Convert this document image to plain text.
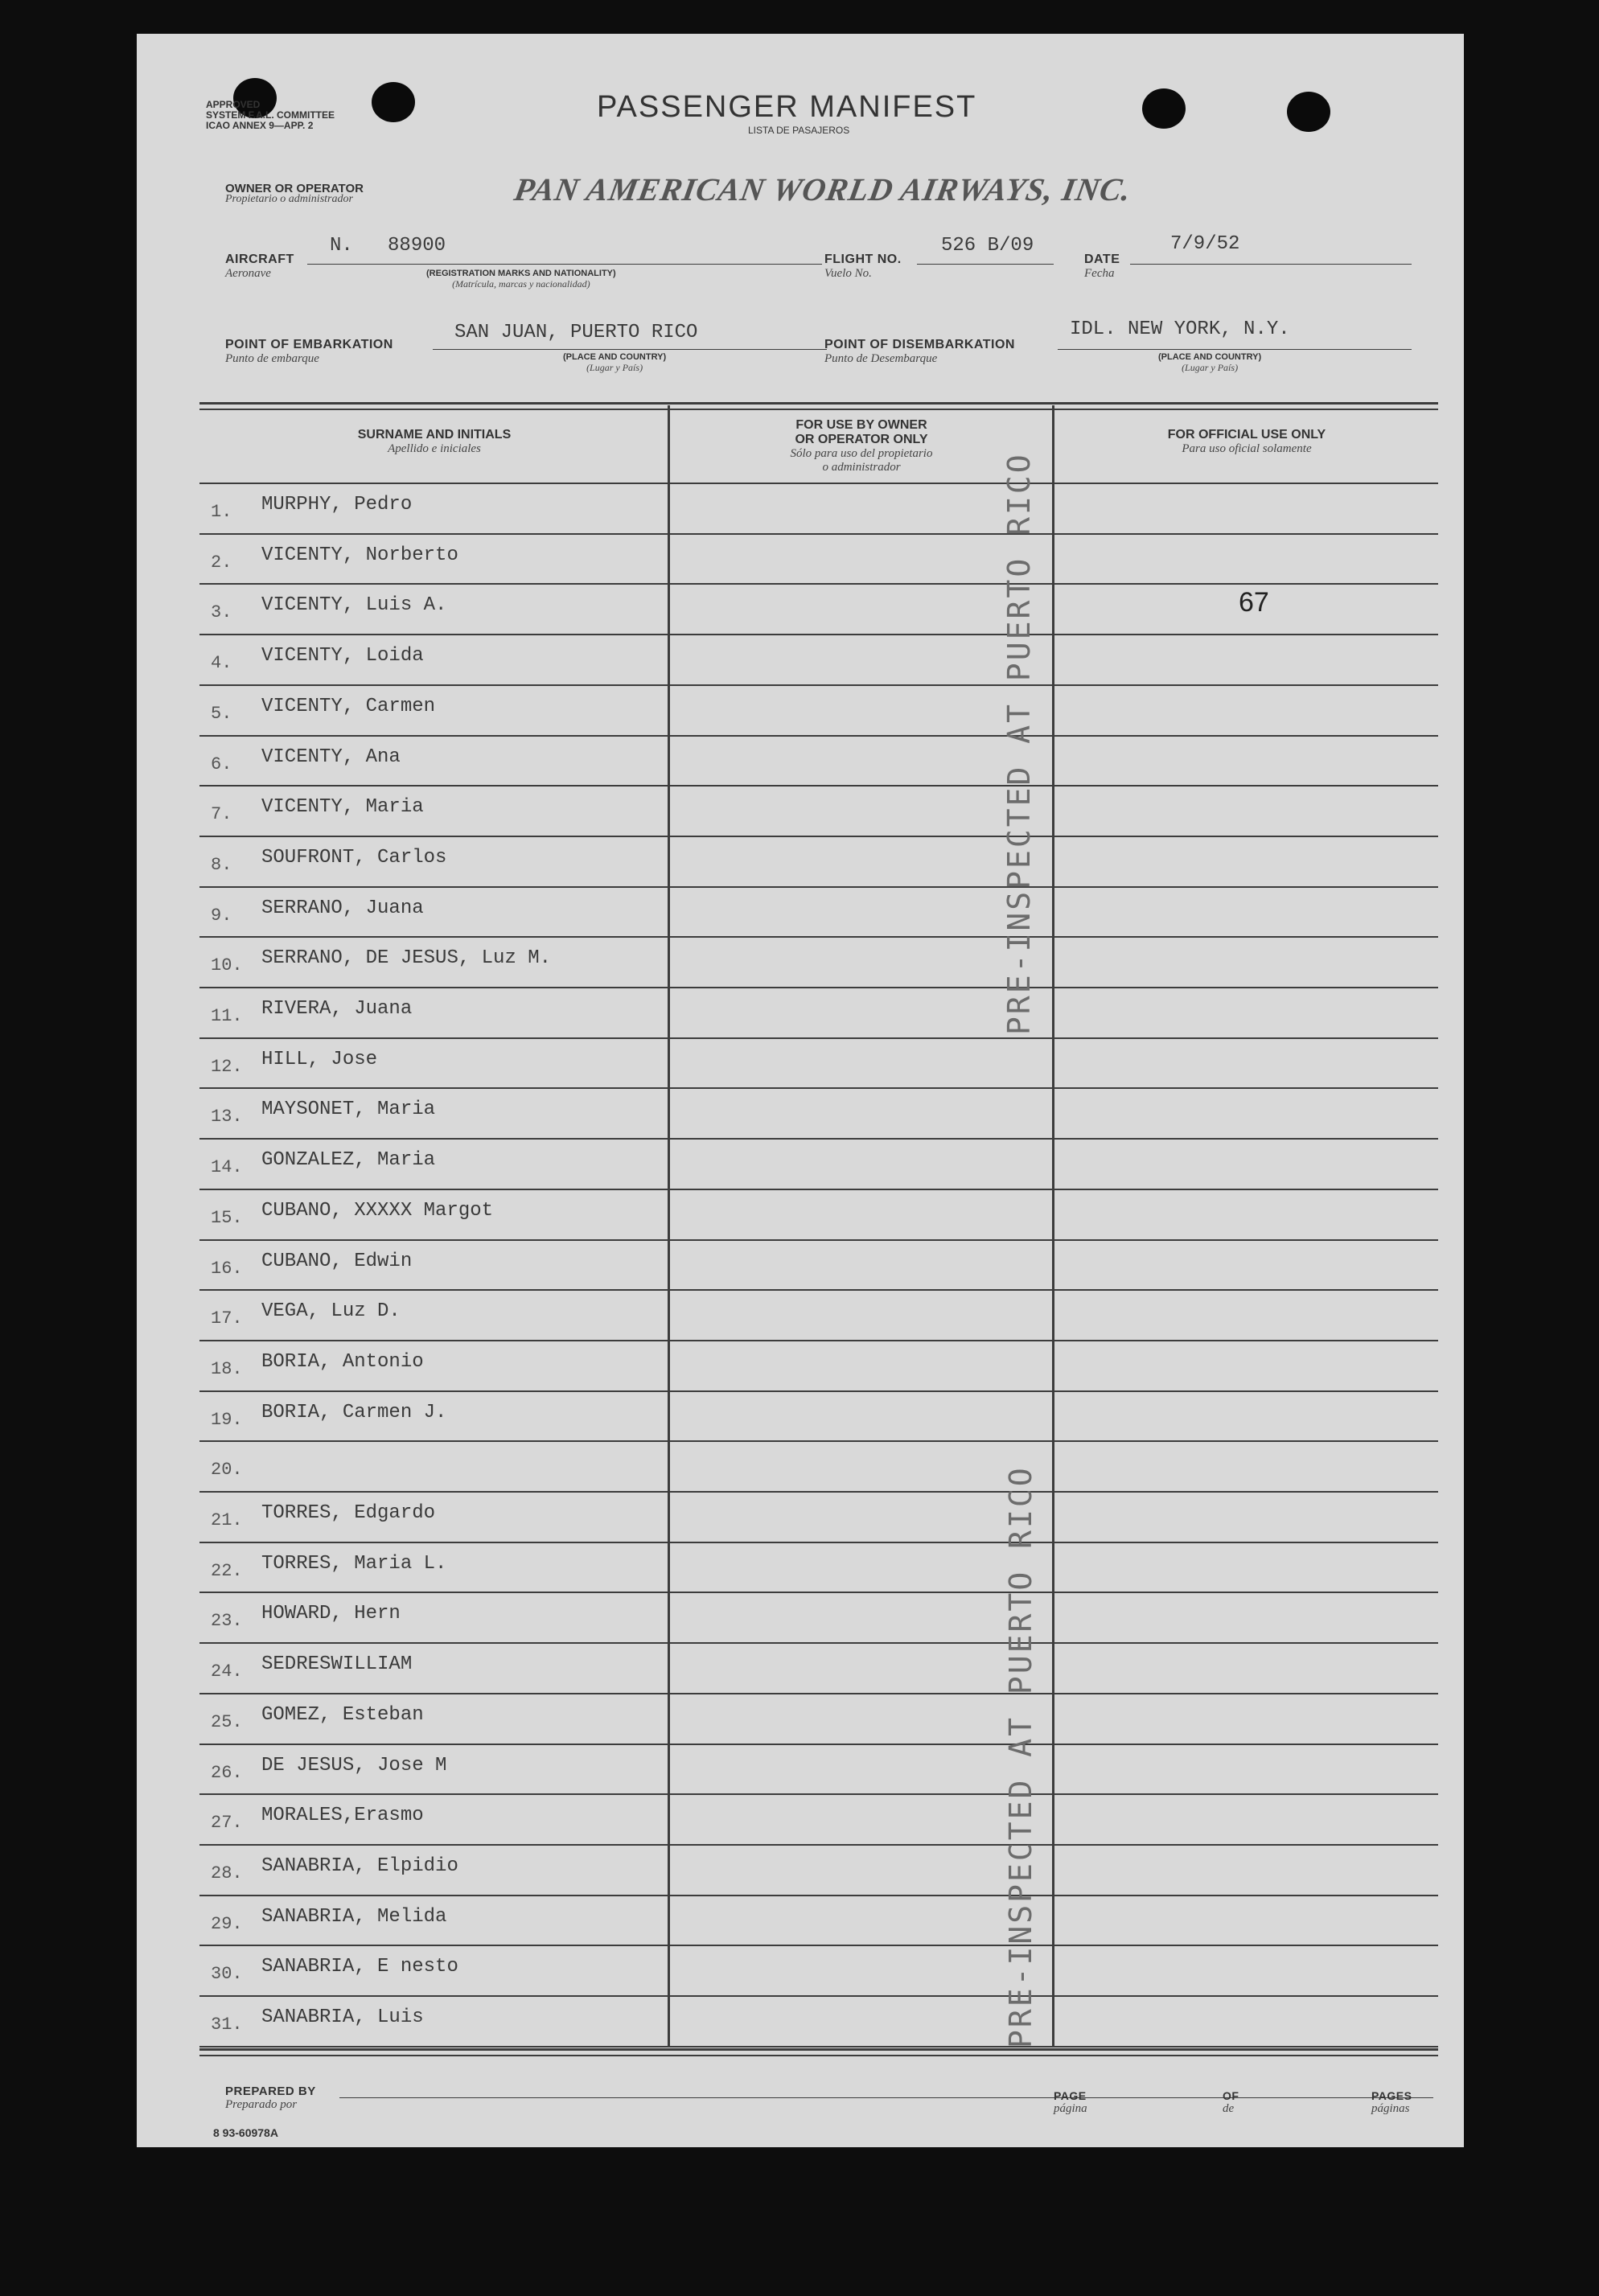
APPROVED
SYSTEM F.A.L. COMMITTEE
ICAO ANNEX 9—APP. 2
PASSENGER MANIFEST
LISTA DE PASAJEROS
OWNER OR OPERATOR
Propietario o administrador	PAN AMERICAN WORLD AIRWAYS, INC.
AIRCRAFT
Aeronave
N.   88900
(REGISTRATION MARKS AND NATIONALITY)
(Matrícula, marcas y nacionalidad)
FLIGHT NO.
Vuelo No.
526 B/09
DATE
Fecha
7/9/52
POINT OF EMBARKATION
Punto de embarque
SAN JUAN, PUERTO RICO
(PLACE AND COUNTRY)
(Lugar y País)
POINT OF DISEMBARKATION
Punto de Desembarque
IDL. NEW YORK, N.Y.
(PLACE AND COUNTRY)
(Lugar y País)
SURNAME AND INITIALS
Apellido e iniciales
FOR USE BY OWNER
OR OPERATOR ONLY
Sólo para uso del propietario
o administrador
FOR OFFICIAL USE ONLY
Para uso oficial solamente
1. MURPHY, Pedro
2. VICENTY, Norberto
3. VICENTY, Luis A.
4. VICENTY, Loida
5. VICENTY, Carmen
6. VICENTY, Ana
7. VICENTY, Maria
8. SOUFRONT, Carlos
9. SERRANO, Juana
10. SERRANO, DE JESUS, Luz M.
11. RIVERA, Juana
12. HILL, Jose
13. MAYSONET, Maria
14. GONZALEZ, Maria
15. CUBANO, XXXXX Margot
16. CUBANO, Edwin
17. VEGA, Luz D.
18. BORIA, Antonio
19. BORIA, Carmen J.
20.
21. TORRES, Edgardo
22. TORRES, Maria L.
23. HOWARD, Hern
24. SEDRESWILLIAM
25. GOMEZ, Esteban
26. DE JESUS, Jose M
27. MORALES,Erasmo
28. SANABRIA, Elpidio
29. SANABRIA, Melida
30. SANABRIA, E nesto
31. SANABRIA, Luis
67
PRE-INSPECTED AT PUERTO RICO
PRE-INSPECTED AT PUERTO RICO
PREPARED BY
Preparado por
PAGE
página
OF
de
PAGES
páginas
8 93-60978A
